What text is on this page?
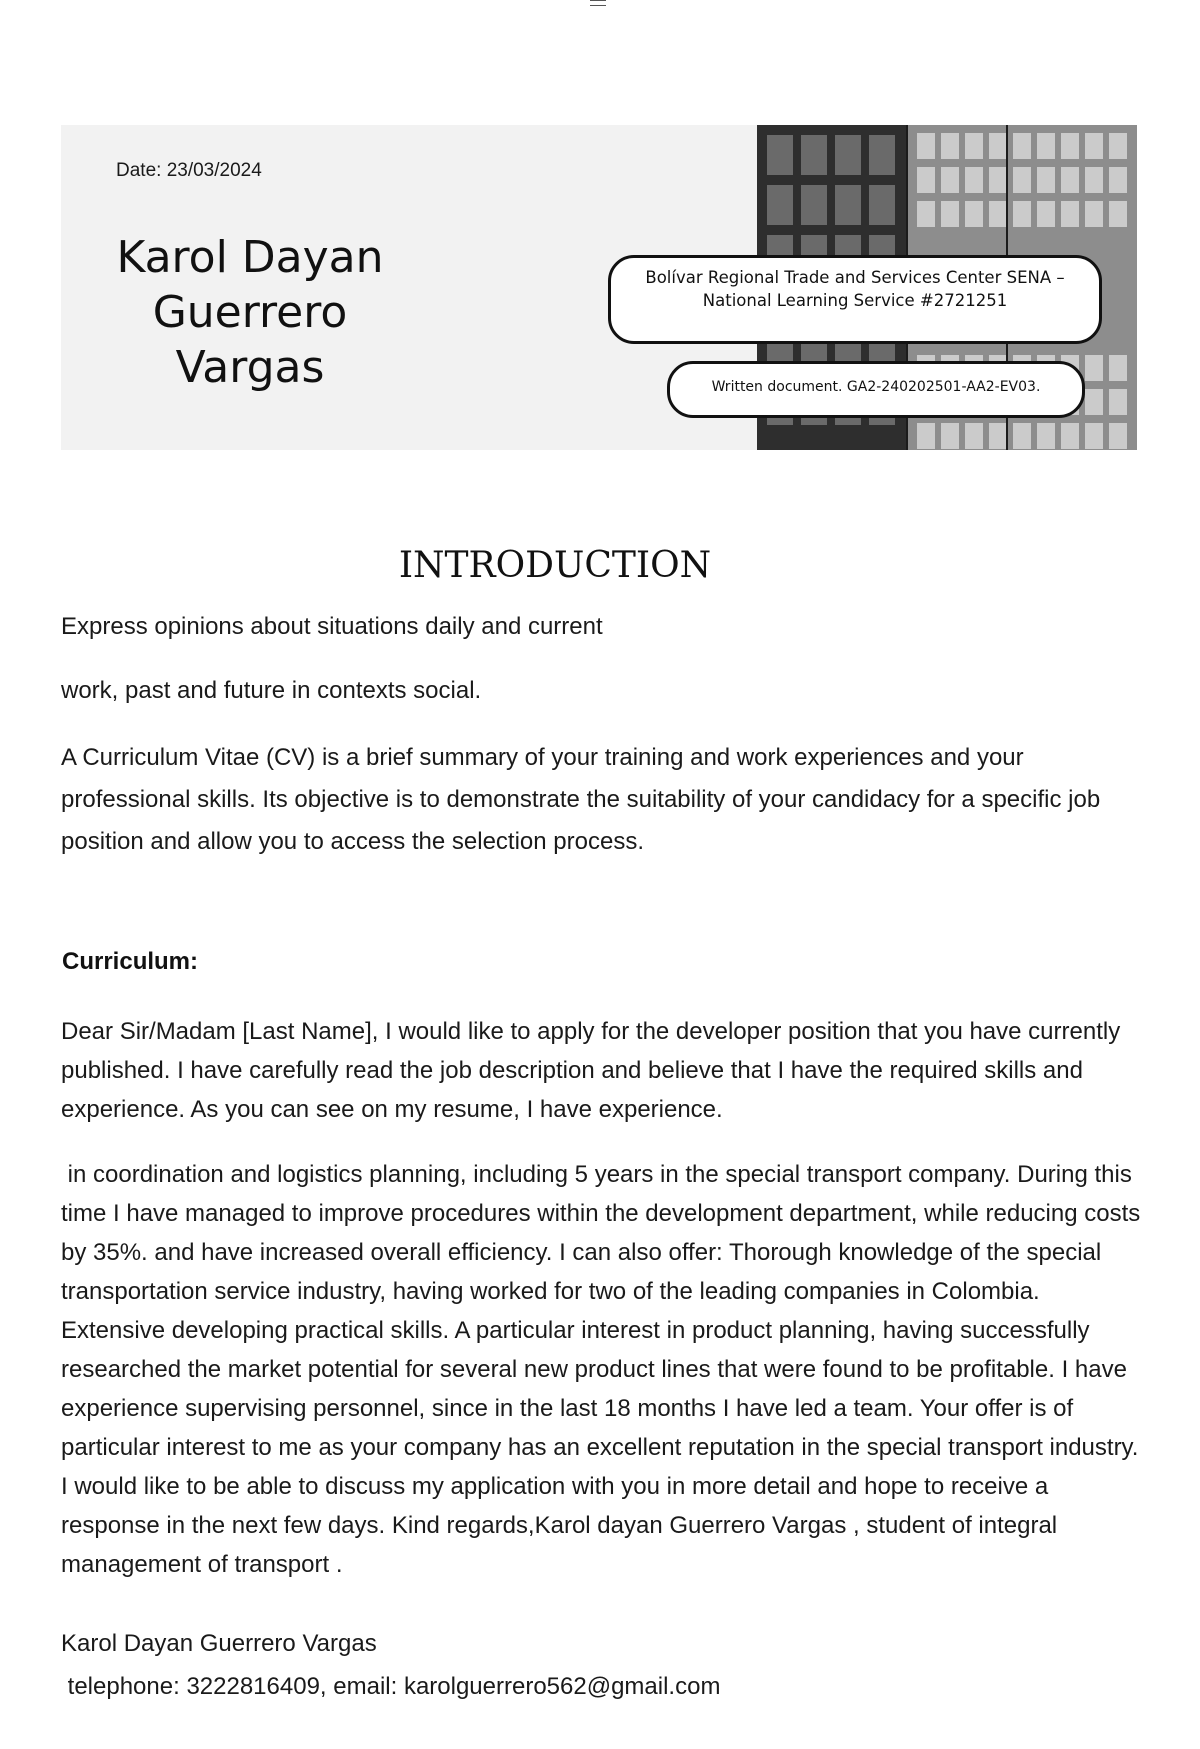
Date: 23/03/2024
Karol Dayan
Guerrero
Vargas
Bolívar Regional Trade and Services Center SENA –
National Learning Service #2721251
Written document. GA2-240202501-AA2-EV03.
INTRODUCTION

Express opinions about situations daily and current

work, past and future in contexts social.

A Curriculum Vitae (CV) is a brief summary of your training and work experiences and your professional skills. Its objective is to demonstrate the suitability of your candidacy for a specific job position and allow you to access the selection process.

Curriculum:

Dear Sir/Madam [Last Name], I would like to apply for the developer position that you have currently published. I have carefully read the job description and believe that I have the required skills and experience. As you can see on my resume, I have experience.

in coordination and logistics planning, including 5 years in the special transport company. During this time I have managed to improve procedures within the development department, while reducing costs by 35%. and have increased overall efficiency. I can also offer: Thorough knowledge of the special transportation service industry, having worked for two of the leading companies in Colombia. Extensive developing practical skills. A particular interest in product planning, having successfully researched the market potential for several new product lines that were found to be profitable. I have experience supervising personnel, since in the last 18 months I have led a team. Your offer is of particular interest to me as your company has an excellent reputation in the special transport industry. I would like to be able to discuss my application with you in more detail and hope to receive a response in the next few days. Kind regards,Karol dayan Guerrero Vargas , student of integral management of transport .

Karol Dayan Guerrero Vargas
telephone: 3222816409, email: karolguerrero562@gmail.com
